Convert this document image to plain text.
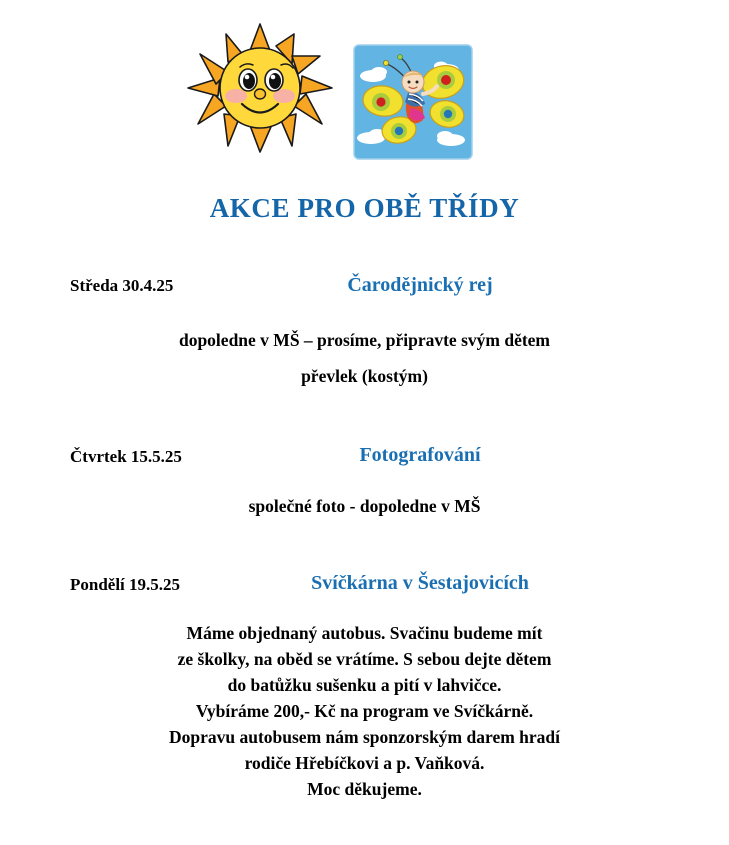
AKCE PRO OBĚ TŘÍDY
Středa 30.4.25	Čarodějnický rej
dopoledne v MŠ – prosíme, připravte svým dětem
převlek (kostým)
Čtvrtek 15.5.25	Fotografování
společné foto - dopoledne v MŠ
Pondělí 19.5.25	Svíčkárna v Šestajovicích
Máme objednaný autobus. Svačinu budeme mít
ze školky, na oběd se vrátíme. S sebou dejte dětem
do batůžku sušenku a pití v lahvičce.
Vybíráme 200,- Kč na program ve Svíčkárně.
Dopravu autobusem nám sponzorským darem hradí
rodiče Hřebíčkovi a p. Vaňková.
Moc děkujeme.
